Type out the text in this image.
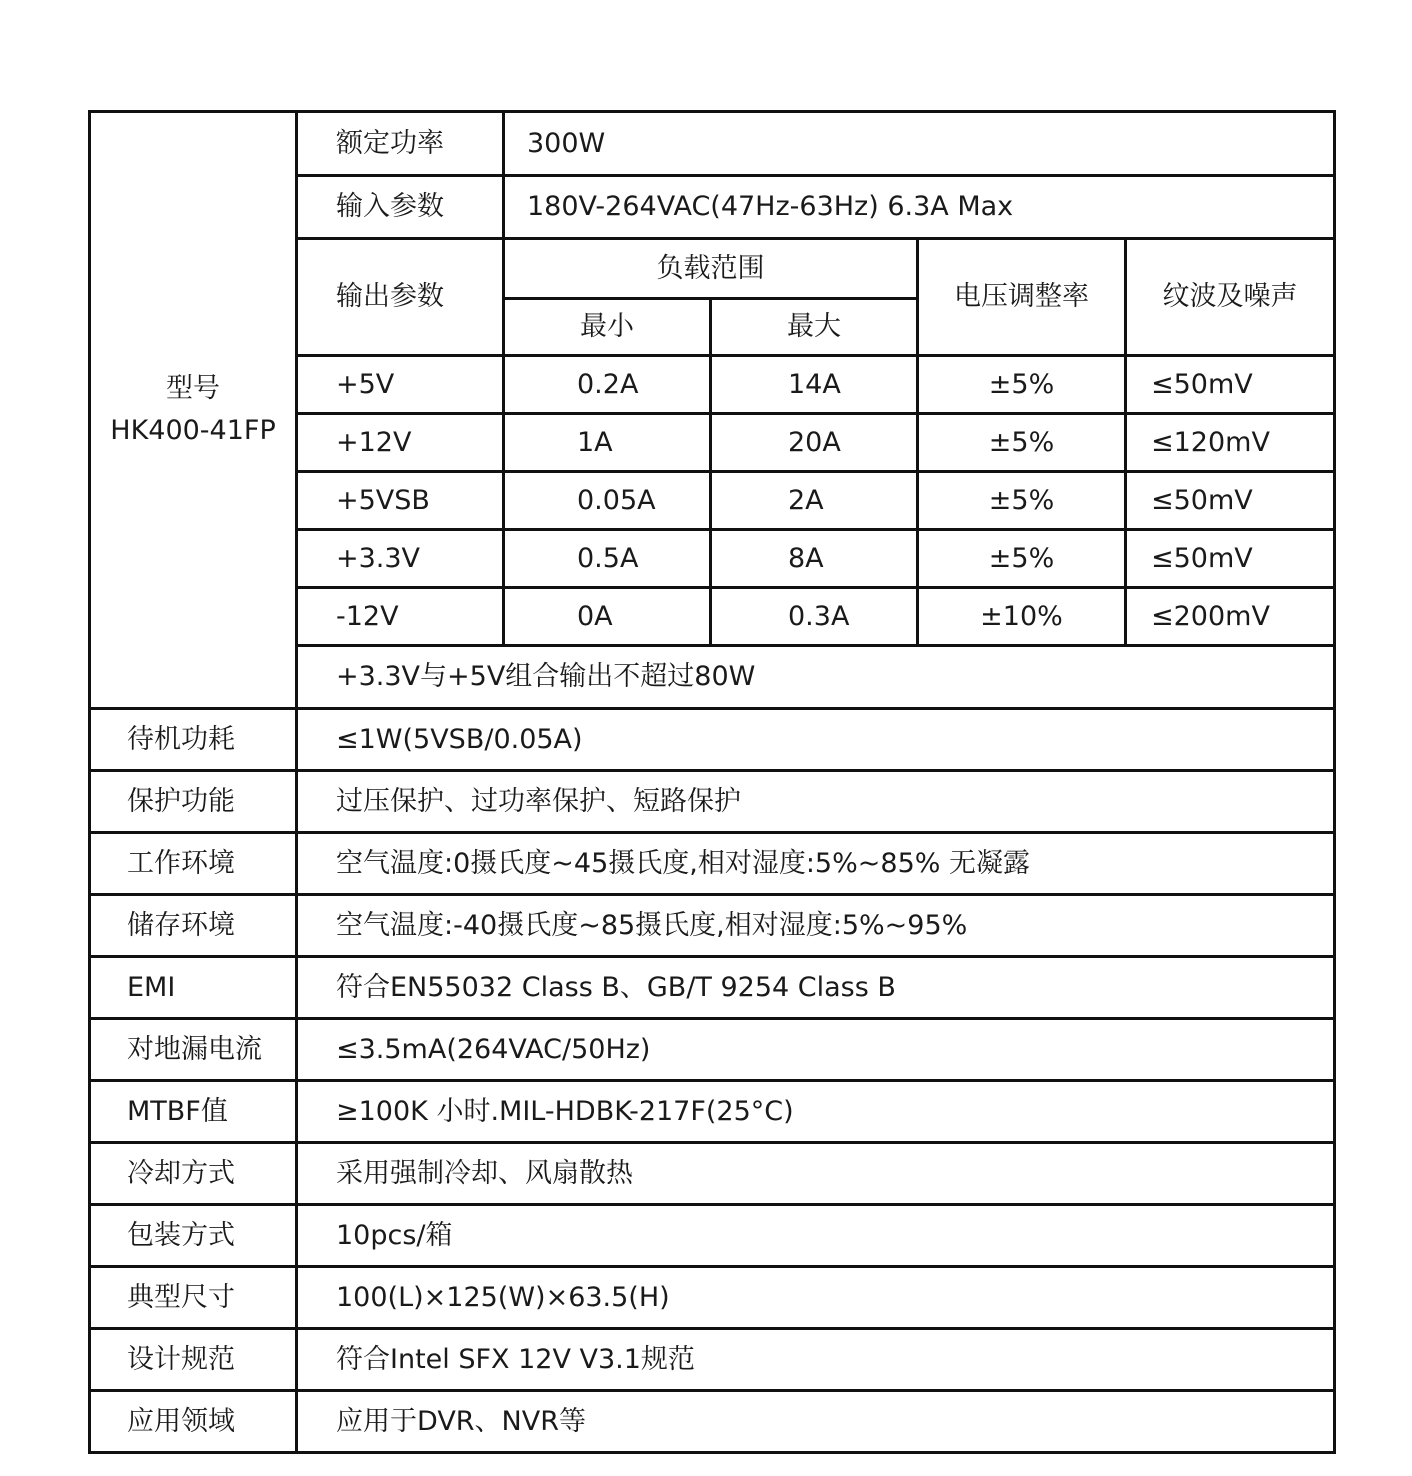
型号
HK400-41FP	额定功率	300W			
	输入参数	180V-264VAC(47Hz-63Hz) 6.3A Max			
	输出参数	负载范围		电压调整率	纹波及噪声
		最小	最大		
	+5V	0.2A	14A	±5%	≤50mV
	+12V	1A	20A	±5%	≤120mV
	+5VSB	0.05A	2A	±5%	≤50mV
	+3.3V	0.5A	8A	±5%	≤50mV
	-12V	0A	0.3A	±10%	≤200mV
	+3.3V与+5V组合输出不超过80W				
待机功耗	≤1W(5VSB/0.05A)				
保护功能	过压保护、过功率保护、短路保护				
工作环境	空气温度:0摄氏度~45摄氏度,相对湿度:5%~85% 无凝露				
储存环境	空气温度:-40摄氏度~85摄氏度,相对湿度:5%~95%				
EMI	符合EN55032 Class B、GB/T 9254 Class B				
对地漏电流	≤3.5mA(264VAC/50Hz)				
MTBF值	≥100K 小时.MIL-HDBK-217F(25°C)				
冷却方式	采用强制冷却、风扇散热				
包装方式	10pcs/箱				
典型尺寸	100(L)×125(W)×63.5(H)				
设计规范	符合Intel SFX 12V V3.1规范				
应用领域	应用于DVR、NVR等				
